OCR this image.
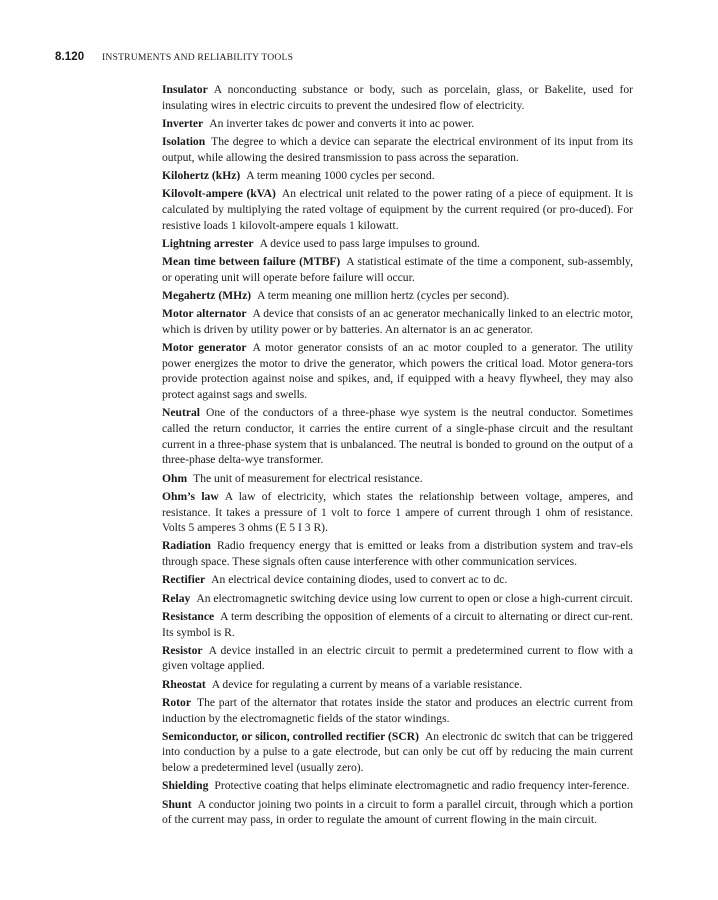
8.120 INSTRUMENTS AND RELIABILITY TOOLS

Insulator A nonconducting substance or body, such as porcelain, glass, or Bakelite, used for insulating wires in electric circuits to prevent the undesired flow of electricity.

Inverter An inverter takes dc power and converts it into ac power.

Isolation The degree to which a device can separate the electrical environment of its input from its output, while allowing the desired transmission to pass across the separation.

Kilohertz (kHz) A term meaning 1000 cycles per second.

Kilovolt-ampere (kVA) An electrical unit related to the power rating of a piece of equipment. It is calculated by multiplying the rated voltage of equipment by the current required (or pro-duced). For resistive loads 1 kilovolt-ampere equals 1 kilowatt.

Lightning arrester A device used to pass large impulses to ground.

Mean time between failure (MTBF) A statistical estimate of the time a component, sub-assembly, or operating unit will operate before failure will occur.

Megahertz (MHz) A term meaning one million hertz (cycles per second).

Motor alternator A device that consists of an ac generator mechanically linked to an electric motor, which is driven by utility power or by batteries. An alternator is an ac generator.

Motor generator A motor generator consists of an ac motor coupled to a generator. The utility power energizes the motor to drive the generator, which powers the critical load. Motor genera-tors provide protection against noise and spikes, and, if equipped with a heavy flywheel, they may also protect against sags and swells.

Neutral One of the conductors of a three-phase wye system is the neutral conductor. Sometimes called the return conductor, it carries the entire current of a single-phase circuit and the resultant current in a three-phase system that is unbalanced. The neutral is bonded to ground on the output of a three-phase delta-wye transformer.

Ohm The unit of measurement for electrical resistance.

Ohm’s law A law of electricity, which states the relationship between voltage, amperes, and resistance. It takes a pressure of 1 volt to force 1 ampere of current through 1 ohm of resistance. Volts 5 amperes 3 ohms (E 5 I 3 R).

Radiation Radio frequency energy that is emitted or leaks from a distribution system and trav-els through space. These signals often cause interference with other communication services.

Rectifier An electrical device containing diodes, used to convert ac to dc.

Relay An electromagnetic switching device using low current to open or close a high-current circuit.

Resistance A term describing the opposition of elements of a circuit to alternating or direct cur-rent. Its symbol is R.

Resistor A device installed in an electric circuit to permit a predetermined current to flow with a given voltage applied.

Rheostat A device for regulating a current by means of a variable resistance.

Rotor The part of the alternator that rotates inside the stator and produces an electric current from induction by the electromagnetic fields of the stator windings.

Semiconductor, or silicon, controlled rectifier (SCR) An electronic dc switch that can be triggered into conduction by a pulse to a gate electrode, but can only be cut off by reducing the main current below a predetermined level (usually zero).

Shielding Protective coating that helps eliminate electromagnetic and radio frequency inter-ference.

Shunt A conductor joining two points in a circuit to form a parallel circuit, through which a portion of the current may pass, in order to regulate the amount of current flowing in the main circuit.
